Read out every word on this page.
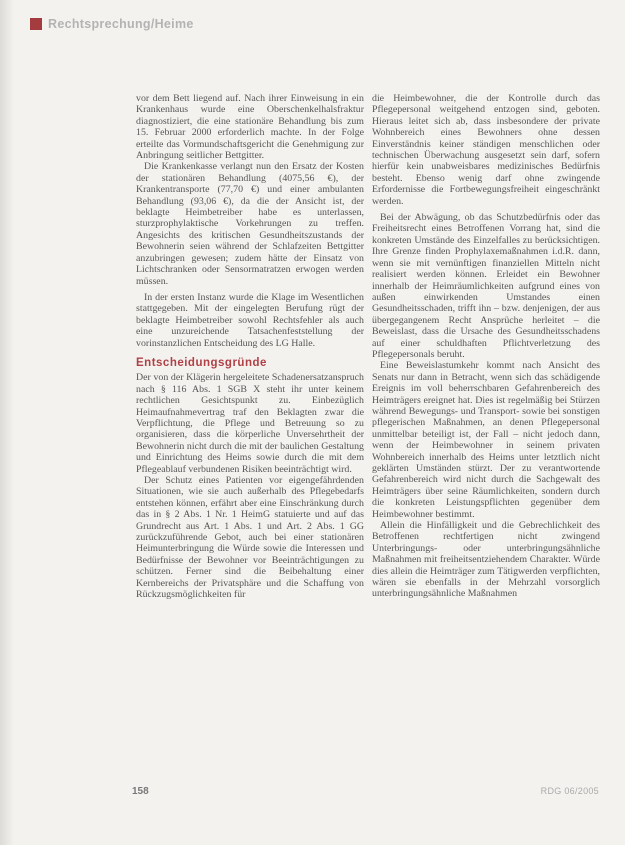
Rechtsprechung/Heime

vor dem Bett liegend auf. Nach ihrer Einweisung in ein Krankenhaus wurde eine Oberschenkelhalsfraktur diagnostiziert, die eine stationäre Behandlung bis zum 15. Februar 2000 erforderlich machte. In der Folge erteilte das Vormundschaftsgericht die Genehmigung zur Anbringung seitlicher Bettgitter.

Die Krankenkasse verlangt nun den Ersatz der Kosten der stationären Behandlung (4075,56 €), der Krankentransporte (77,70 €) und einer ambulanten Behandlung (93,06 €), da die der Ansicht ist, der beklagte Heimbetreiber habe es unterlassen, sturzprophylaktische Vorkehrungen zu treffen. Angesichts des kritischen Gesundheitszustands der Bewohnerin seien während der Schlafzeiten Bettgitter anzubringen gewesen; zudem hätte der Einsatz von Lichtschranken oder Sensormatratzen erwogen werden müssen.

In der ersten Instanz wurde die Klage im Wesentlichen stattgegeben. Mit der eingelegten Berufung rügt der beklagte Heimbetreiber sowohl Rechtsfehler als auch eine unzureichende Tatsachenfeststellung der vorinstanzlichen Entscheidung des LG Halle.

Entscheidungsgründe

Der von der Klägerin hergeleitete Schadenersatzanspruch nach § 116 Abs. 1 SGB X steht ihr unter keinem rechtlichen Gesichtspunkt zu. Einbezüglich Heimaufnahmevertrag traf den Beklagten zwar die Verpflichtung, die Pflege und Betreuung so zu organisieren, dass die körperliche Unversehrtheit der Bewohnerin nicht durch die mit der baulichen Gestaltung und Einrichtung des Heims sowie durch die mit dem Pflegeablauf verbundenen Risiken beeinträchtigt wird.

Der Schutz eines Patienten vor eigengefährdenden Situationen, wie sie auch außerhalb des Pflegebedarfs entstehen können, erfährt aber eine Einschränkung durch das in § 2 Abs. 1 Nr. 1 HeimG statuierte und auf das Grundrecht aus Art. 1 Abs. 1 und Art. 2 Abs. 1 GG zurückzuführende Gebot, auch bei einer stationären Heimunterbringung die Würde sowie die Interessen und Bedürfnisse der Bewohner vor Beeinträchtigungen zu schützen. Ferner sind die Beibehaltung einer Kernbereichs der Privatsphäre und die Schaffung von Rückzugsmöglichkeiten für

die Heimbewohner, die der Kontrolle durch das Pflegepersonal weitgehend entzogen sind, geboten. Hieraus leitet sich ab, dass insbesondere der private Wohnbereich eines Bewohners ohne dessen Einverständnis keiner ständigen menschlichen oder technischen Überwachung ausgesetzt sein darf, sofern hierfür kein unabweisbares medizinisches Bedürfnis besteht. Ebenso wenig darf ohne zwingende Erfordernisse die Fortbewegungsfreiheit eingeschränkt werden.

Bei der Abwägung, ob das Schutzbedürfnis oder das Freiheitsrecht eines Betroffenen Vorrang hat, sind die konkreten Umstände des Einzelfalles zu berücksichtigen. Ihre Grenze finden Prophylaxemaßnahmen i.d.R. dann, wenn sie mit vernünftigen finanziellen Mitteln nicht realisiert werden können. Erleidet ein Bewohner innerhalb der Heimräumlichkeiten aufgrund eines von außen einwirkenden Umstandes einen Gesundheitsschaden, trifft ihn – bzw. denjenigen, der aus übergegangenem Recht Ansprüche herleitet – die Beweislast, dass die Ursache des Gesundheitsschadens auf einer schuldhaften Pflichtverletzung des Pflegepersonals beruht.

Eine Beweislastumkehr kommt nach Ansicht des Senats nur dann in Betracht, wenn sich das schädigende Ereignis im voll beherrschbaren Gefahrenbereich des Heimträgers ereignet hat. Dies ist regelmäßig bei Stürzen während Bewegungs- und Transport- sowie bei sonstigen pflegerischen Maßnahmen, an denen Pflegepersonal unmittelbar beteiligt ist, der Fall – nicht jedoch dann, wenn der Heimbewohner in seinem privaten Wohnbereich innerhalb des Heims unter letztlich nicht geklärten Umständen stürzt. Der zu verantwortende Gefahrenbereich wird nicht durch die Sachgewalt des Heimträgers über seine Räumlichkeiten, sondern durch die konkreten Leistungspflichten gegenüber dem Heimbewohner bestimmt.

Allein die Hinfälligkeit und die Gebrechlichkeit des Betroffenen rechtfertigen nicht zwingend Unterbringungs- oder unterbringungsähnliche Maßnahmen mit freiheitsentziehendem Charakter. Würde dies allein die Heimträger zum Tätigwerden verpflichten, wären sie ebenfalls in der Mehrzahl vorsorglich unterbringungsähnliche Maßnahmen

158	RDG 06/2005
